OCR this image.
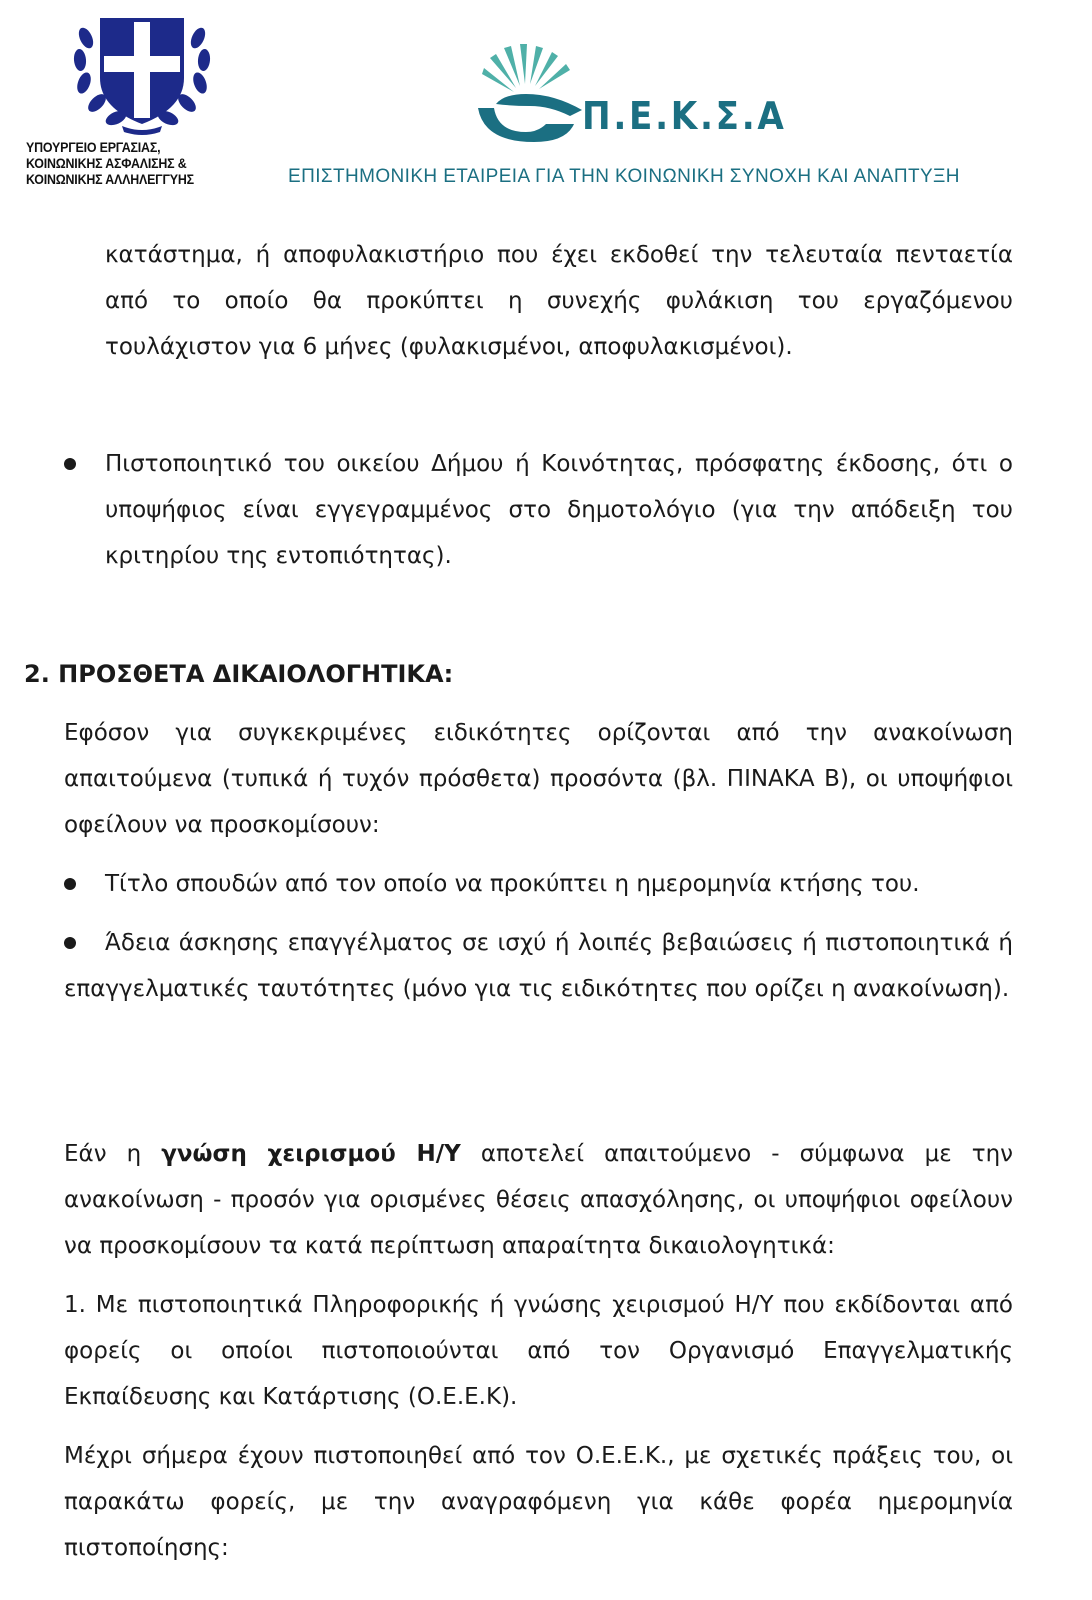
ΥΠΟΥΡΓΕΙΟ ΕΡΓΑΣΙΑΣ,
ΚΟΙΝΩΝΙΚΗΣ ΑΣΦΑΛΙΣΗΣ &
ΚΟΙΝΩΝΙΚΗΣ ΑΛΛΗΛΕΓΓΥΗΣ
Π.Ε.Κ.Σ.Α
ΕΠΙΣΤΗΜΟΝΙΚΗ ΕΤΑΙΡΕΙΑ ΓΙΑ ΤΗΝ ΚΟΙΝΩΝΙΚΗ ΣΥΝΟΧΗ ΚΑΙ ΑΝΑΠΤΥΞΗ
κατάστημα, ή αποφυλακιστήριο που έχει εκδοθεί την τελευταία πενταετία από το οποίο θα προκύπτει η συνεχής φυλάκιση του εργαζόμενου τουλάχιστον για 6 μήνες (φυλακισμένοι, αποφυλακισμένοι).
Πιστοποιητικό του οικείου Δήμου ή Κοινότητας, πρόσφατης έκδοσης, ότι ο υποψήφιος είναι εγγεγραμμένος στο δημοτολόγιο (για την απόδειξη του κριτηρίου της εντοπιότητας).
2. ΠΡΟΣΘΕΤΑ ΔΙΚΑΙΟΛΟΓΗΤΙΚΑ:
Εφόσον για συγκεκριμένες ειδικότητες ορίζονται από την ανακοίνωση απαιτούμενα (τυπικά ή τυχόν πρόσθετα) προσόντα (βλ. ΠΙΝΑΚΑ Β), οι υποψήφιοι οφείλουν να προσκομίσουν:
Τίτλο σπουδών από τον οποίο να προκύπτει η ημερομηνία κτήσης του.
Άδεια άσκησης επαγγέλματος σε ισχύ ή λοιπές βεβαιώσεις ή πιστοποιητικά ή επαγγελματικές ταυτότητες (μόνο για τις ειδικότητες που ορίζει η ανακοίνωση).
Εάν η γνώση χειρισμού Η/Υ αποτελεί απαιτούμενο - σύμφωνα με την ανακοίνωση - προσόν για ορισμένες θέσεις απασχόλησης, οι υποψήφιοι οφείλουν να προσκομίσουν τα κατά περίπτωση απαραίτητα δικαιολογητικά:
1. Με πιστοποιητικά Πληροφορικής ή γνώσης χειρισμού Η/Υ που εκδίδονται από φορείς οι οποίοι πιστοποιούνται από τον Οργανισμό Επαγγελματικής Εκπαίδευσης και Κατάρτισης (Ο.Ε.Ε.Κ).
Μέχρι σήμερα έχουν πιστοποιηθεί από τον Ο.Ε.Ε.Κ., με σχετικές πράξεις του, οι παρακάτω φορείς, με την αναγραφόμενη για κάθε φορέα ημερομηνία πιστοποίησης:
